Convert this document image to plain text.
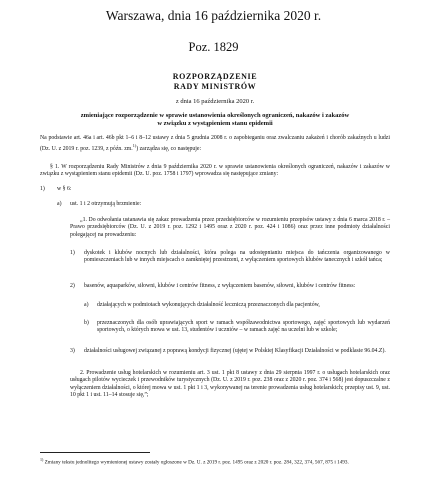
Warszawa, dnia 16 października 2020 r.
Poz. 1829
ROZPORZĄDZENIE
RADY MINISTRÓW
z dnia 16 października 2020 r.
zmieniające rozporządzenie w sprawie ustanowienia określonych ograniczeń, nakazów i zakazów
w związku z wystąpieniem stanu epidemii
Na podstawie art. 46a i art. 46b pkt 1–6 i 8–12 ustawy z dnia 5 grudnia 2008 r. o zapobieganiu oraz zwalczaniu zakażeń i chorób zakaźnych u ludzi (Dz. U. z 2019 r. poz. 1239, z późn. zm.$^{1)}$) zarządza się, co następuje:
§ 1. W rozporządzeniu Rady Ministrów z dnia 9 października 2020 r. w sprawie ustanowienia określonych ograniczeń, nakazów i zakazów w związku z wystąpieniem stanu epidemii (Dz. U. poz. 1758 i 1797) wprowadza się następujące zmiany:
1) w § 6:
a) ust. 1 i 2 otrzymują brzmienie:
„1. Do odwołania ustanawia się zakaz prowadzenia przez przedsiębiorców w rozumieniu przepisów ustawy z dnia 6 marca 2018 r. – Prawo przedsiębiorców (Dz. U. z 2019 r. poz. 1292 i 1495 oraz z 2020 r. poz. 424 i 1086) oraz przez inne podmioty działalności polegającej na prowadzeniu:
1) dyskotek i klubów nocnych lub działalności, która polega na udostępnianiu miejsca do tańczenia organizowanego w pomieszczeniach lub w innych miejscach o zamkniętej przestrzeni, z wyłączeniem sportowych klubów tanecznych i szkół tańca;
2) basenów, aquaparków, siłowni, klubów i centrów fitness, z wyłączeniem basenów, siłowni, klubów i centrów fitness:
a) działających w podmiotach wykonujących działalność leczniczą przeznaczonych dla pacjentów,
b) przeznaczonych dla osób uprawiających sport w ramach współzawodnictwa sportowego, zajęć sportowych lub wydarzeń sportowych, o których mowa w ust. 13, studentów i uczniów – w ramach zajęć na uczelni lub w szkole;
3) działalności usługowej związanej z poprawą kondycji fizycznej (ujętej w Polskiej Klasyfikacji Działalności w podklasie 96.04.Z).
2. Prowadzenie usług hotelarskich w rozumieniu art. 3 ust. 1 pkt 8 ustawy z dnia 29 sierpnia 1997 r. o usługach hotelarskich oraz usługach pilotów wycieczek i przewodników turystycznych (Dz. U. z 2019 r. poz. 238 oraz z 2020 r. poz. 374 i 568) jest dopuszczalne z wyłączeniem działalności, o której mowa w ust. 1 pkt 1 i 3, wykonywanej na terenie prowadzenia usług hotelarskich; przepisy ust. 9, ust. 10 pkt 1 i ust. 11–14 stosuje się,”;
$^{1)}$ Zmiany tekstu jednolitego wymienionej ustawy zostały ogłoszone w Dz. U. z 2019 r. poz. 1495 oraz z 2020 r. poz. 284, 322, 374, 567, 875 i 1493.
